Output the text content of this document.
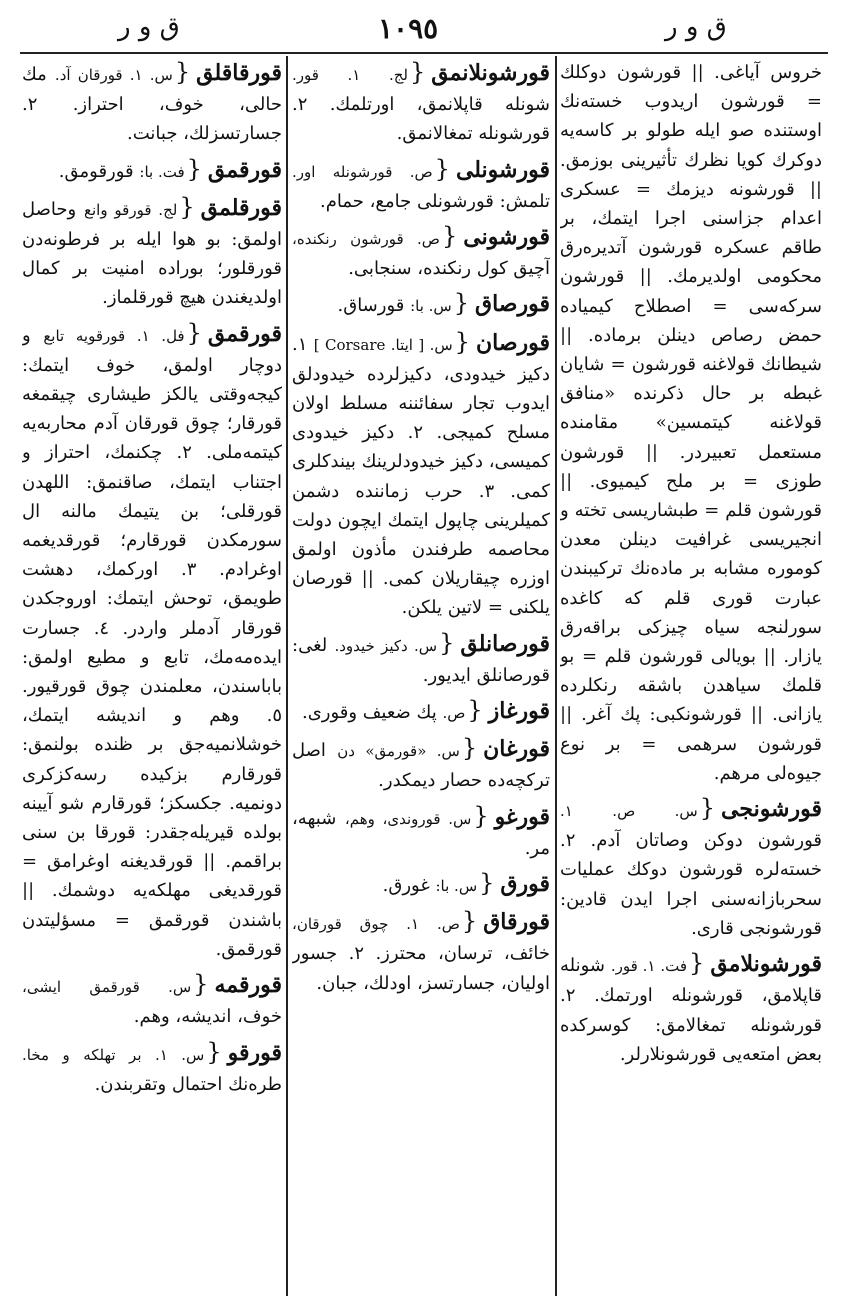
ق و ر	١٠٩٥	ق و ر
خروس آیاغی. || قورشون دوکلك = قورشون اریدوب خسته‌نك اوستنده صو ایله طولو بر کاسه‌یه دوکرك کویا نظرك تأثیرینی بوزمق. || قورشونه دیزمك = عسکری اعدام جزاسنی اجرا ایتمك، بر طاقم عسکره قورشون آتدیره‌رق محکومی اولدیرمك. || قورشون سرکه‌سی = اصطلاح کیمیاده حمض رصاص دینلن برماده. || شیطانك قولاغنه قورشون = شایان غبطه بر حال ذکرنده «منافق قولاغنه کیتمسین» مقامنده مستعمل تعبیردر. || قورشون طوزی = بر ملح کیمیوی. || قورشون قلم = طبشاریسی تخته و انجیریسی غرافیت دینلن معدن کوموره مشابه بر ماده‌نك ترکیبندن عبارت قوری قلم که کاغده سورلنجه سیاه چیزکی براقه‌رق یازار. || بویالی قورشون قلم = بو قلمك سیاهدن باشقه رنکلرده یازانی. || قورشونکبی: پك آغر. || قورشون سرهمی = بر نوع جیوه‌لی مرهم.
قورشونجی{س. ص. ١. قورشون دوکن وصاتان آدم. ٢. خسته‌لره قورشون دوکك عملیات سحربازانه‌سنی اجرا ایدن قادین: قورشونجی قاری.
قورشونلامق{فت. ١. قور. شونله قاپلامق، قورشونله اورتمك. ٢. قورشونله تمغالامق: کوسرکده بعض امتعه‌یی قورشونلارلر.
قورشونلانمق{لج. ١. قور. شونله قاپلانمق، اورتلمك. ٢. قورشونله تمغالانمق.
قورشونلی{ص. قورشونله اور. تلمش: قورشونلی جامع، حمام.
قورشونی{ص. قورشون رنکنده، آچیق کول رنکنده، سنجابی.
قورصاق{س. با: قورساق.
قورصان{س. [ ایتا. Corsare ] ١. دکیز خیدودی، دکیزلرده خیدودلق ایدوب تجار سفائننه مسلط اولان مسلح کمیجی. ٢. دکیز خیدودی کمیسی، دکیز خیدودلرینك بیندکلری کمی. ٣. حرب زماننده دشمن کمیلرینی چاپول ایتمك ایچون دولت محاصمه طرفندن مأذون اولمق اوزره چیقاریلان کمی. || قورصان یلکنی = لاتین یلکن.
قورصانلق{س. دکیز خیدود. لغی: قورصانلق ایدیور.
قورغاز{ص. پك ضعیف وقوری.
قورغان{س. «قورمق» دن اصل ترکچه‌ده حصار دیمکدر.
قورغو{س. قوروندی، وهم، شبهه، مر.
قورق{س. با: غورق.
قورقاق{ص. ١. چوق قورقان، خائف، ترسان، محترز. ٢. جسور اولیان، جسارتسز، اودلك، جبان.
قورقاقلق{س. ١. قورقان آد. مك حالی، خوف، احتراز. ٢. جسارتسزلك، جبانت.
قورقمق{فت. با: قورقومق.
قورقلمق{لج. قورقو وانع وحاصل اولمق: بو هوا ایله بر فرطونه‌دن قورقلور؛ بوراده امنیت بر کمال اولدیغندن هیچ قورقلماز.
قورقمق{فل. ١. قورقویه تابع و دوچار اولمق، خوف ایتمك: کیجه‌وقتی یالکز طیشاری چیقمغه قورقار؛ چوق قورقان آدم محاربه‌یه کیتمه‌ملی. ٢. چکنمك، احتراز و اجتناب ایتمك، صاقنمق: اللهدن قورقلی؛ بن یتیمك مالنه ال سورمکدن قورقارم؛ قورقدیغمه اوغرادم. ٣. اورکمك، دهشت طویمق، توحش ایتمك: اوروجکدن قورقار آدملر واردر. ٤. جسارت ایده‌مه‌مك، تابع و مطیع اولمق: باباسندن، معلمندن چوق قورقیور. ٥. وهم و اندیشه ایتمك، خوشلانمیه‌جق بر ظنده بولنمق: قورقارم بزکیده رسه‌کزکری دونمیه. جکسکز؛ قورقارم شو آیینه بولده قیریله‌جقدر: قورقا بن سنی براقمم. || قورقدیغنه اوغرامق = قورقدیغی مهلکه‌یه دوشمك. || باشندن قورقمق = مسؤلیتدن قورقمق.
قورقمه{س. قورقمق ایشی، خوف، اندیشه، وهم.
قورقو{س. ١. بر تهلکه و مخا. طره‌نك احتمال وتقربندن.
